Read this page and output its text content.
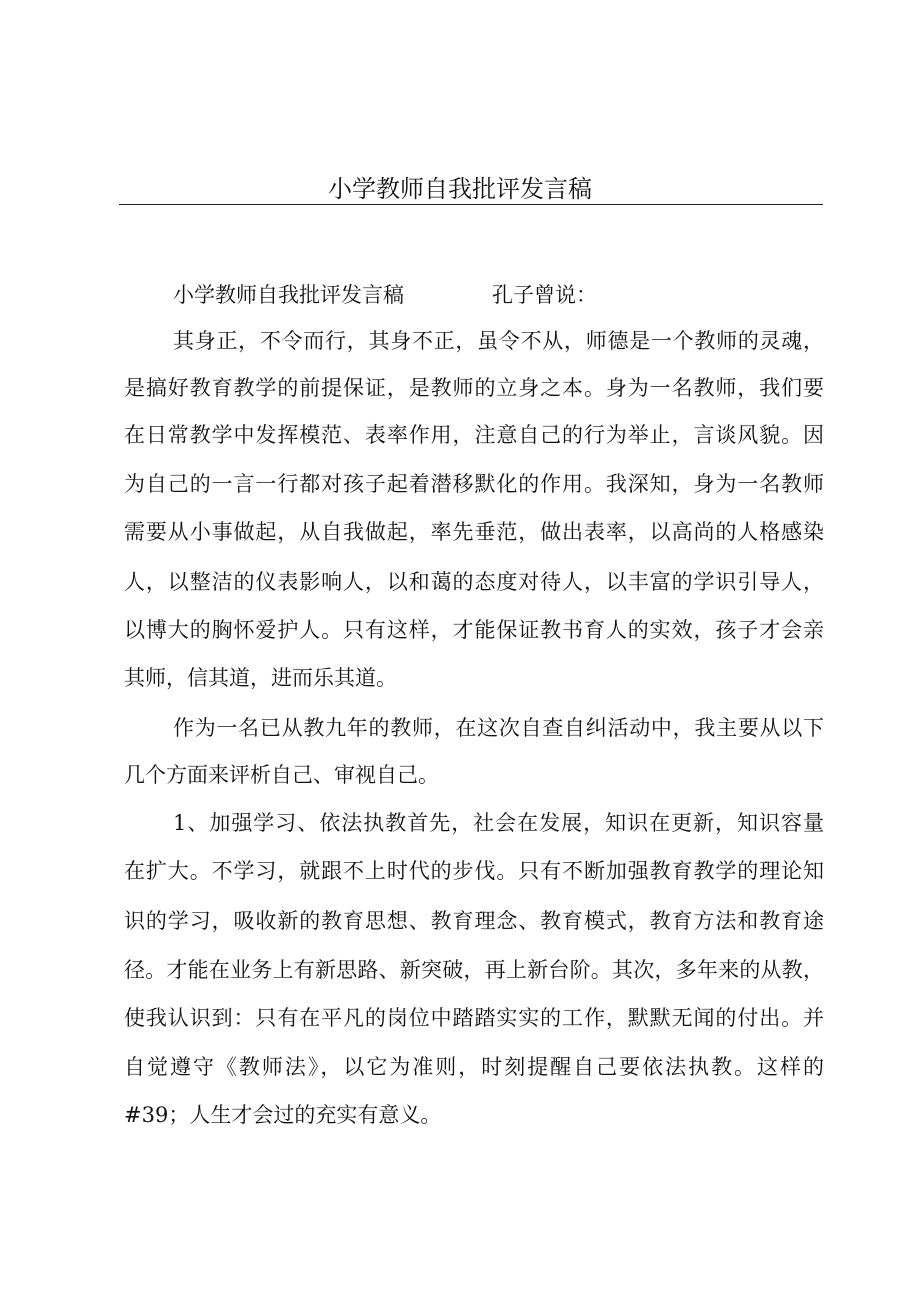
小学教师自我批评发言稿
小学教师自我批评发言稿	孔子曾说：
其身正，不令而行，其身不正，虽令不从，师德是一个教师的灵魂，
是搞好教育教学的前提保证，是教师的立身之本。身为一名教师，我们要
在日常教学中发挥模范、表率作用，注意自己的行为举止，言谈风貌。因
为自己的一言一行都对孩子起着潜移默化的作用。我深知，身为一名教师
需要从小事做起，从自我做起，率先垂范，做出表率，以高尚的人格感染
人，以整洁的仪表影响人，以和蔼的态度对待人，以丰富的学识引导人，
以博大的胸怀爱护人。只有这样，才能保证教书育人的实效，孩子才会亲
其师，信其道，进而乐其道。
作为一名已从教九年的教师，在这次自查自纠活动中，我主要从以下
几个方面来评析自己、审视自己。
1、加强学习、依法执教首先，社会在发展，知识在更新，知识容量
在扩大。不学习，就跟不上时代的步伐。只有不断加强教育教学的理论知
识的学习，吸收新的教育思想、教育理念、教育模式，教育方法和教育途
径。才能在业务上有新思路、新突破，再上新台阶。其次，多年来的从教，
使我认识到：只有在平凡的岗位中踏踏实实的工作，默默无闻的付出。并
自觉遵守《教师法》，以它为准则，时刻提醒自己要依法执教。这样的
#39；人生才会过的充实有意义。
